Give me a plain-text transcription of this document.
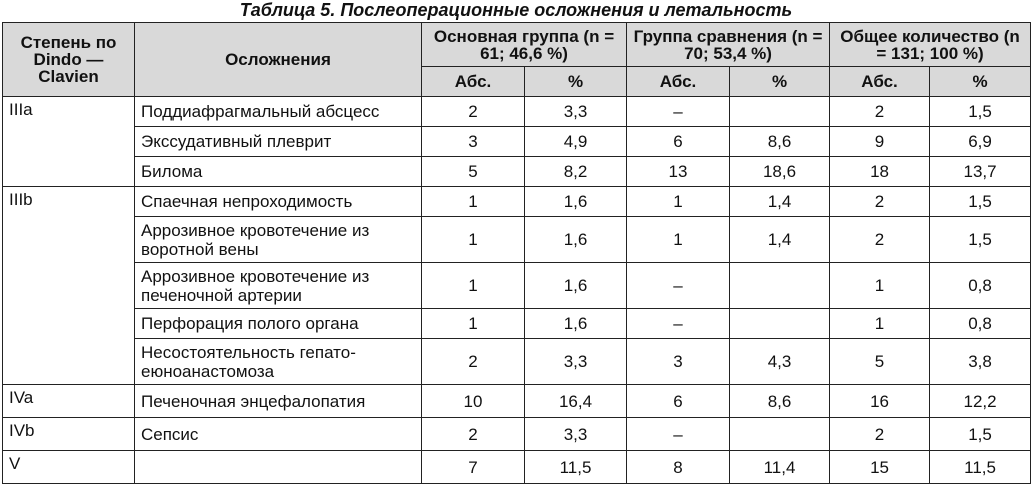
Таблица 5. Послеоперационные осложнения и летальность
Степень по Dindo — Clavien	Осложнения	Основная группа (n = 61; 46,6 %)		Группа сравнения (n = 70; 53,4 %)		Общее количество (n = 131; 100 %)	
		Абс.	%	Абс.	%	Абс.	%
IIIa	Поддиафрагмальный абсцесс	2	3,3	–		2	1,5
	Экссудативный плеврит	3	4,9	6	8,6	9	6,9
	Билома	5	8,2	13	18,6	18	13,7
IIIb	Спаечная непроходимость	1	1,6	1	1,4	2	1,5
	Аррозивное кровотечение из воротной вены	1	1,6	1	1,4	2	1,5
	Аррозивное кровотечение из печеночной артерии	1	1,6	–		1	0,8
	Перфорация полого органа	1	1,6	–		1	0,8
	Несостоятельность гепато-еюноанастомоза	2	3,3	3	4,3	5	3,8
IVa	Печеночная энцефалопатия	10	16,4	6	8,6	16	12,2
IVb	Сепсис	2	3,3	–		2	1,5
V		7	11,5	8	11,4	15	11,5
